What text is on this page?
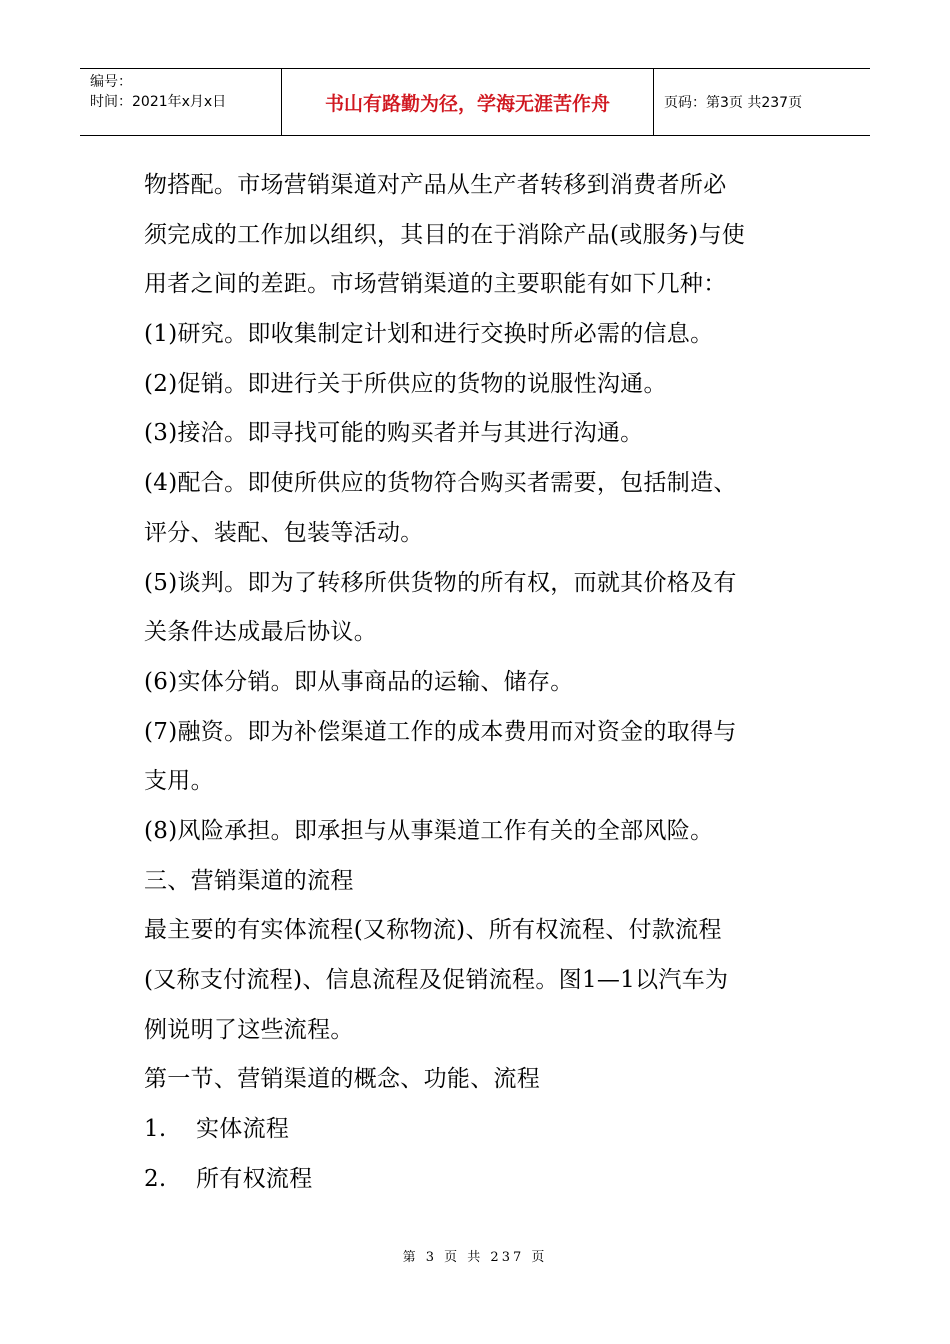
编号：
时间：2021年x月x日	书山有路勤为径，学海无涯苦作舟	页码：第3页 共237页
物搭配。市场营销渠道对产品从生产者转移到消费者所必
须完成的工作加以组织，其目的在于消除产品(或服务)与使
用者之间的差距。市场营销渠道的主要职能有如下几种：
(1)研究。即收集制定计划和进行交换时所必需的信息。
(2)促销。即进行关于所供应的货物的说服性沟通。
(3)接洽。即寻找可能的购买者并与其进行沟通。
(4)配合。即使所供应的货物符合购买者需要，包括制造、
评分、装配、包装等活动。
(5)谈判。即为了转移所供货物的所有权，而就其价格及有
关条件达成最后协议。
(6)实体分销。即从事商品的运输、储存。
(7)融资。即为补偿渠道工作的成本费用而对资金的取得与
支用。
(8)风险承担。即承担与从事渠道工作有关的全部风险。
三、营销渠道的流程
最主要的有实体流程(又称物流)、所有权流程、付款流程
(又称支付流程)、信息流程及促销流程。图1—1以汽车为
例说明了这些流程。
第一节、营销渠道的概念、功能、流程
1. 实体流程
2. 所有权流程
第 3 页 共 237 页
